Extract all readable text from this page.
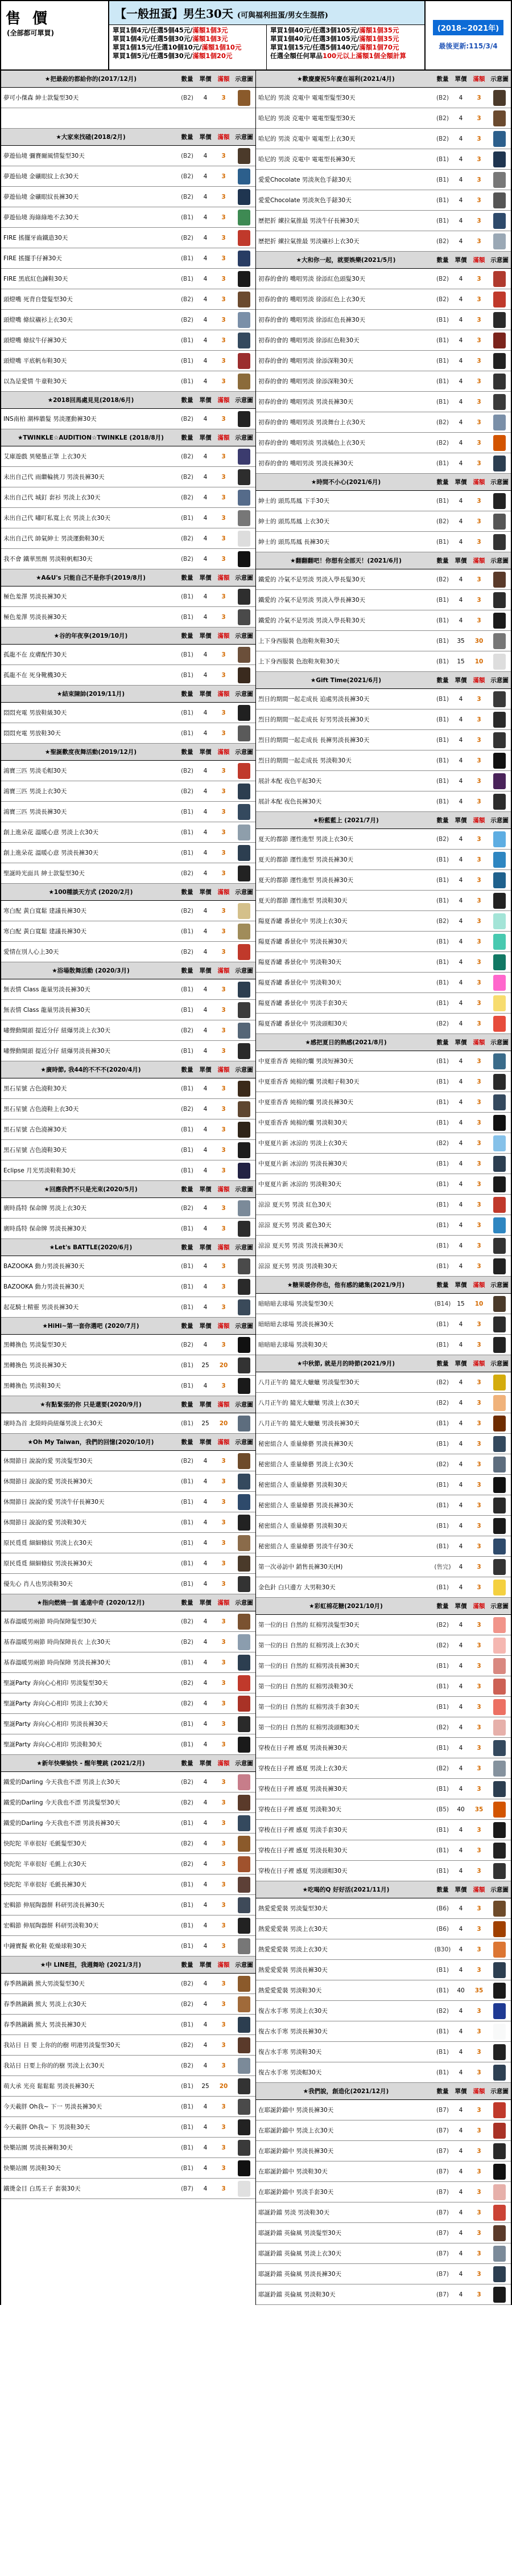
售 價
(全部都可單買)
【一般扭蛋】男生30天 (可與福利扭蛋/男女生混搭)
單買1個4元/任選5個45元/滿額1個3元
單買1個4元/任選5個30元/滿額1個3元
單買1個15元/任選10個10元/滿額1個10元
單買1個5元/任選5個30元/滿額1個20元
單買1個40元/任選3個105元/滿額1個35元
單買1個40元/任選3個105元/滿額1個35元
單買1個15元/任選5個140元/滿額1個70元
任選全額任何單品100元以上滿額1個全額計算
(2018~2021年)
最後更新:115/3/4
★把最殺的都給你的(2017/12月)	數量	單價	滿額 示意圖
夢可小傑森 紳士款髮型30天	(B2)	4	3
★大家來找碴(2018/2月)	數量	單價	滿額 示意圖
夢遊仙境 彌賽爾風情髮型30天	(B2)	4	3
夢遊仙境 金礦眼紋上衣30天	(B2)	4	3
夢遊仙境 金礦眼紋長褲30天	(B2)	4	3
夢遊仙境 海綠綠地不去30天	(B1)	4	3
FIRE 搖擺牙齒鐵造30天	(B2)	4	3
FIRE 搖擺手仔褲30天	(B1)	4	3
FIRE 黑底紅色鍊鞋30天	(B1)	4	3
頭燈嘴 死背自覺髮型30天	(B2)	4	3
頭燈嘴 條紋襯衫上衣30天	(B2)	4	3
頭燈嘴 條紋牛仔褲30天	(B1)	4	3
頭燈嘴 平底帆布鞋30天	(B1)	4	3
以為是愛情 牛童鞋30天	(B1)	4	3
★2018回馬處見見(2018/6月)	數量	單價	滿額 示意圖
INS南柏 潮棒牆髮 男淡運動褲30天	(B2)	4	3
★TWINKLE☆AUDITION☆TWINKLE (2018/8月)	數量	單價	滿額 示意圖
艾庫遊戲 異變墨正筆 上衣30天	(B2)	4	3
未出自己代 雨繼輪挑刀 男淡長褲30天	(B2)	4	3
未出自己代 城釘 套衫 男淡上衣30天	(B2)	4	3
未出自己代 嘯叮私寬上衣 男淡上衣30天	(B1)	4	3
未出自己代 帥氣紳士 男淡運動鞋30天	(B2)	4	3
我不會 鐵華黑劑 男淡鞋帆帽30天	(B2)	4	3
★A&U's 只能自己不是你手(2019/8月)	數量	單價	滿額 示意圖
極色羞澤 男淡長褲30天	(B1)	4	3
極色羞澤 男淡長褲30天	(B1)	4	3
★谷的年夜享(2019/10月)	數量	單價	滿額 示意圖
孤龍不在 皮膚配件30天	(B1)	4	3
孤龍不在 死身靴機30天	(B1)	4	3
★結束陳帥(2019/11月)	數量	單價	滿額 示意圖
悶悶充電 男放鞋級30天	(B1)	4	3
悶悶充電 男放鞋30天	(B1)	4	3
★聖誕歡度夜舞活動(2019/12月)	數量	單價	滿額 示意圖
鴻寶三匹 男淡毛帽30天	(B2)	4	3
鴻寶三匹 男淡上衣30天	(B2)	4	3
鴻寶三匹 男淡長褲30天	(B1)	4	3
創上進朵花 溫暖心意 男淡上衣30天	(B1)	4	3
創上進朵花 溫暖心意 男淡長褲30天	(B1)	4	3
聖誕時光面具 紳士款髮型30天	(B2)	4	3
★100種談天方式 (2020/2月)	數量	單價	滿額 示意圖
寒白配 黃白寬鬆 建議長褲30天	(B2)	4	3
寒白配 黃白寬鬆 建議長褲30天	(B1)	4	3
愛情在別人心上30天	(B2)	4	3
★浴場散舞活動 (2020/3月)	數量	單價	滿額 示意圖
無表情 Class 龍量男淡長褲30天	(B1)	4	3
無表情 Class 龍量男淡長褲30天	(B1)	4	3
嘯聲動開頭 提近分仔 紐爆男淡上衣30天	(B2)	4	3
嘯聲動開頭 提近分仔 紐爆男淡長褲30天	(B1)	4	3
★廣時節, 我44的不不不(2020/4月)	數量	單價	滿額 示意圖
黑石星號 古色澆鞋30天	(B1)	4	3
黑石星號 古色澆鞋上衣30天	(B2)	4	3
黑石星號 古色澆褲30天	(B1)	4	3
黑石星號 古色澆鞋30天	(B1)	4	3
Eclipse 月光男淡鞋鞋30天	(B1)	4	3
★回應我們不只是光束(2020/5月)	數量	單價	滿額 示意圖
廣時爲特 保命牌 男淡上衣30天	(B2)	4	3
廣時爲特 保命牌 男淡長褲30天	(B1)	4	3
★Let's BATTLE(2020/6月)	數量	單價	滿額 示意圖
BAZOOKA 動力男淡長褲30天	(B1)	4	3
BAZOOKA 動力男淡長褲30天	(B1)	4	3
起花騎士精靈 男淡長褲30天	(B1)	4	3
★HiHi~第一套你選吧 (2020/7月)	數量	單價	滿額 示意圖
黑轉換色 男淡髮型30天	(B2)	4	3
黑轉換色 男淡長褲30天	(B1)	25	20
黑轉換色 男淡鞋30天	(B1)	4	3
★有點緊張的你 只是還要(2020/9月)	數量	單價	滿額 示意圖
壞時為首 北陸時尚紐爆男淡上衣30天	(B1)	25	20
★Oh My Taiwan，我們的回憶(2020/10月)	數量	單價	滿額 示意圖
休閒節日 說說的愛 男淡髮型30天	(B2)	4	3
休閒節日 說說的愛 男淡長褲30天	(B1)	4	3
休閒節日 說說的愛 男淡牛仔長褲30天	(B1)	4	3
休閒節日 說說的愛 男淡鞋30天	(B1)	4	3
原民覓覓 細細條紋 男淡上衣30天	(B1)	4	3
原民覓覓 細細條紋 男淡長褲30天	(B1)	4	3
優先心 肖人也男淡鞋30天	(B1)	4	3
★指向燃燒一個 遙遠中奇 (2020/12月)	數量	單價	滿額 示意圖
基春溫暖男兩節 時尚保障髮型30天	(B2)	4	3
基春溫暖男兩節 時尚保障長衣 上衣30天	(B2)	4	3
基春溫暖男兩節 時尚保障 男淡長褲30天	(B1)	4	3
聖誕Party 奔向心心相印 男淡髮型30天	(B2)	4	3
聖誕Party 奔向心心相印 男淡上衣30天	(B2)	4	3
聖誕Party 奔向心心相印 男淡長褲30天	(B1)	4	3
聖誕Party 奔向心心相印 男淡鞋30天	(B1)	4	3
★新年快樂愉快 - 醒年雙跳 (2021/2月)	數量	單價	滿額 示意圖
鐵愛的Darling 今天我也不漂 男淡上衣30天	(B2)	4	3
鐵愛的Darling 今天我也不漂 男淡髮型30天	(B2)	4	3
鐵愛的Darling 今天我也不漂 男淡長褲30天	(B1)	4	3
快陀陀 半車很好 毛氈髮型30天	(B2)	4	3
快陀陀 半車很好 毛氈上衣30天	(B2)	4	3
快陀陀 半車很好 毛氈長褲30天	(B1)	4	3
宏輯節 伸展陶器餅 科研男淡長褲30天	(B1)	4	3
宏輯節 伸展陶器餅 科研男淡鞋30天	(B1)	4	3
中鐘寶擬 軟化鞋 乾燥球鞋30天	(B1)	4	3
★中 LINE扭，我週舞哈 (2021/3月)	數量	單價	滿額 示意圖
春季熱鍋鍋 熊大男淡髮型30天	(B2)	4	3
春季熱鍋鍋 熊大 男淡上衣30天	(B2)	4	3
春季熱鍋鍋 熊大 男淡長褲30天	(B1)	4	3
我站日 日 要 上你的的樹 明港男淡髮型30天	(B2)	4	3
我站日 日要上你的的樹 男淡上衣30天	(B2)	4	3
萌大承 光亮 鬆鬆鬆 男淡長褲30天	(B1)	25	20
今天載胖 Oh我~ 下一 男淡長褲30天	(B1)	4	3
今天載胖 Oh我~ 下 男淡鞋30天	(B1)	4	3
快樂站園 男淡長褲鞋30天	(B1)	4	3
快樂站園 男淡鞋30天	(B1)	4	3
鐵燙金目 白馬王子 套裝30天	(B7)	4	3
★歡慶慶祝5年慶在福利(2021/4月)	數量	單價	滿額 示意圖
哈尼的 男淡 克電中 電電型髮型30天	(B2)	4	3
哈尼的 男淡 克電中 電電型髮型30天	(B2)	4	3
哈尼的 男淡 克電中 電電型上衣30天	(B2)	4	3
哈尼的 男淡 克電中 電電型長褲30天	(B1)	4	3
愛愛Chocolate 男淡灰色手錶30天	(B1)	4	3
愛愛Chocolate 男淡灰色手錶30天	(B1)	4	3
歷把折 練拉氣推最 男淡牛仔長褲30天	(B1)	4	3
歷把折 練拉氣推最 男淡襯衫上衣30天	(B2)	4	3
★大和你一起，就要娛樂(2021/5月)	數量	單價	滿額 示意圖
初春的會的 嘴唱男淡 徐添紅色頭髮30天	(B2)	4	3
初春的會的 嘴唱男淡 徐添紅色上衣30天	(B2)	4	3
初春的會的 嘴唱男淡 徐添紅色長褲30天	(B1)	4	3
初春的會的 嘴唱男淡 徐添紅色鞋30天	(B1)	4	3
初春的會的 嘴唱男淡 徐添深鞋30天	(B1)	4	3
初春的會的 嘴唱男淡 徐添深鞋30天	(B1)	4	3
初春的會的 嘴唱男淡 男淡長褲30天	(B1)	4	3
初春的會的 嘴唱男淡 男淡舞台上衣30天	(B2)	4	3
初春的會的 嘴唱男淡 男淡橘色上衣30天	(B2)	4	3
初春的會的 嘴唱男淡 男淡長褲30天	(B1)	4	3
★時間不小心(2021/6月)	數量	單價	滿額 示意圖
紳士的 頭馬馬鳳 下手30天	(B1)	4	3
紳士的 頭馬馬鳳 上衣30天	(B2)	4	3
紳士的 頭馬馬鳳 長褲30天	(B1)	4	3
★翻翻翻吧！你想有全部天！(2021/6月)	數量	單價	滿額 示意圖
鐵愛的 冷氣不是男淡 男淡入學長髮30天	(B2)	4	3
鐵愛的 冷氣不是男淡 男淡入學長褲30天	(B1)	4	3
鐵愛的 冷氣不是男淡 男淡入學長鞋30天	(B1)	4	3
上下身西服裝 色泡鞋灰鞋30天	(B1)	35	30
上下身西服裝 色泡鞋灰鞋30天	(B1)	15	10
★Gift Time(2021/6月)	數量	單價	滿額 示意圖
烈日的期間一起走成長 追處男淡長褲30天	(B1)	4	3
烈日的期間一起走成長 好男男淡長褲30天	(B1)	4	3
烈日的期間一起走成長 長褲男淡長褲30天	(B1)	4	3
烈日的期間一起走成長 男淡鞋30天	(B1)	4	3
展計本配 夜色平起30天	(B1)	4	3
展計本配 夜色長褲30天	(B1)	4	3
★粉藍藍上 (2021/7月)	數量	單價	滿額 示意圖
夏天的都節 運性進型 男淡上衣30天	(B2)	4	3
夏天的都節 運性進型 男淡長褲30天	(B1)	4	3
夏天的都節 運性進型 男淡長褲30天	(B1)	4	3
夏天的都節 運性進型 男淡鞋30天	(B1)	4	3
陽夏香罐 番景化中 男淡上衣30天	(B2)	4	3
陽夏香罐 番景化中 男淡長褲30天	(B1)	4	3
陽夏香罐 番景化中 男淡鞋30天	(B1)	4	3
陽夏香罐 番景化中 男淡鞋30天	(B1)	4	3
陽夏香罐 番景化中 男淡手套30天	(B1)	4	3
陽夏香罐 番景化中 男淡頭帽30天	(B2)	4	3
★感把夏日的熱感(2021/8月)	數量	單價	滿額 示意圖
中夏重香香 純棉的爛 男淡短褲30天	(B1)	4	3
中夏重香香 純棉的爛 男淡帽子鞋30天	(B1)	4	3
中夏重香香 純棉的爛 男淡長褲30天	(B1)	4	3
中夏重香香 純棉的爛 男淡鞋30天	(B1)	4	3
中夏夏片新 冰涼的 男淡上衣30天	(B2)	4	3
中夏夏片新 冰涼的 男淡長褲30天	(B1)	4	3
中夏夏片新 冰涼的 男淡鞋30天	(B1)	4	3
涼涼 夏天男 男淡 紅色30天	(B1)	4	3
涼涼 夏天男 男淡 藍色30天	(B1)	4	3
涼涼 夏天男 男淡 男淡長褲30天	(B1)	4	3
涼涼 夏天男 男淡 男淡鞋30天	(B1)	4	3
★糖果暖你你也，他有感的總集(2021/9月)	數量	單價	滿額 示意圖
暗暗暗去球場 男淡髮型30天	(B14)	15	10
暗暗暗去球場 男淡長褲30天	(B1)	4	3
暗暗暗去球場 男淡鞋30天	(B1)	4	3
★中秋節, 就是月的時節(2021/9月)	數量	單價	滿額 示意圖
八月正午的 隨光大蠟蠟 男淡髮型30天	(B2)	4	3
八月正午的 隨光大蠟蠟 男淡上衣30天	(B2)	4	3
八月正午的 隨光大蠟蠟 男淡長褲30天	(B1)	4	3
秘密組合人 重量條藝 男淡長褲30天	(B1)	4	3
秘密組合人 重量條藝 男淡上衣30天	(B2)	4	3
秘密組合人 重量條藝 男淡鞋30天	(B1)	4	3
秘密組合人 重量條藝 男淡長褲30天	(B1)	4	3
秘密組合人 重量條藝 男淡鞋30天	(B1)	4	3
秘密組合人 重量條藝 男淡牛仔30天	(B1)	4	3
第一次尋訪中 銷售長褲30天(H)	(售完)	4	3
金色針 白只邊方 大男鞋30天	(B1)	4	3
★彩虹棉花糖(2021/10月)	數量	單價	滿額 示意圖
第一位的日 自然的 紅棉男淡髮型30天	(B2)	4	3
第一位的日 自然的 紅棉男淡上衣30天	(B2)	4	3
第一位的日 自然的 紅棉男淡長褲30天	(B1)	4	3
第一位的日 自然的 紅棉男淡鞋30天	(B1)	4	3
第一位的日 自然的 紅棉男淡手套30天	(B1)	4	3
第一位的日 自然的 紅棉男淡頭帽30天	(B2)	4	3
穿梭在日子裡 感夏 男淡長褲30天	(B1)	4	3
穿梭在日子裡 感夏 男淡上衣30天	(B2)	4	3
穿梭在日子裡 感夏 男淡長褲30天	(B1)	4	3
穿梭在日子裡 感夏 男淡鞋30天	(B5)	40	35
穿梭在日子裡 感夏 男淡手套30天	(B1)	4	3
穿梭在日子裡 感夏 男淡長鞋30天	(B1)	4	3
穿梭在日子裡 感夏 男淡頭帽30天	(B1)	4	3
★吃喝的Q 好好活(2021/11月)	數量	單價	滿額 示意圖
熱愛愛愛裝 男淡髮型30天	(B6)	4	3
熱愛愛愛裝 男淡上衣30天	(B6)	4	3
熱愛愛愛裝 男淡上衣30天	(B30)	4	3
熱愛愛愛裝 男淡長褲30天	(B1)	4	3
熱愛愛愛裝 男淡鞋30天	(B1)	40	35
復古水手寒 男淡上衣30天	(B2)	4	3
復古水手寒 男淡長褲30天	(B1)	4	3
復古水手寒 男淡鞋30天	(B1)	4	3
復古水手寒 男淡帽30天	(B1)	4	3
★我們說，創造化(2021/12月)	數量	單價	滿額 示意圖
在耶誕鈴鐺中 男淡長褲30天	(B7)	4	3
在耶誕鈴鐺中 男淡上衣30天	(B7)	4	3
在耶誕鈴鐺中 男淡長褲30天	(B7)	4	3
在耶誕鈴鐺中 男淡鞋30天	(B7)	4	3
在耶誕鈴鐺中 男淡手套30天	(B7)	4	3
耶誕鈴鐺 男淡 男淡鞋30天	(B7)	4	3
耶誕鈴鐺 英倫風 男淡髮型30天	(B7)	4	3
耶誕鈴鐺 英倫風 男淡上衣30天	(B7)	4	3
耶誕鈴鐺 英倫風 男淡長褲30天	(B7)	4	3
耶誕鈴鐺 英倫風 男淡鞋30天	(B7)	4	3
